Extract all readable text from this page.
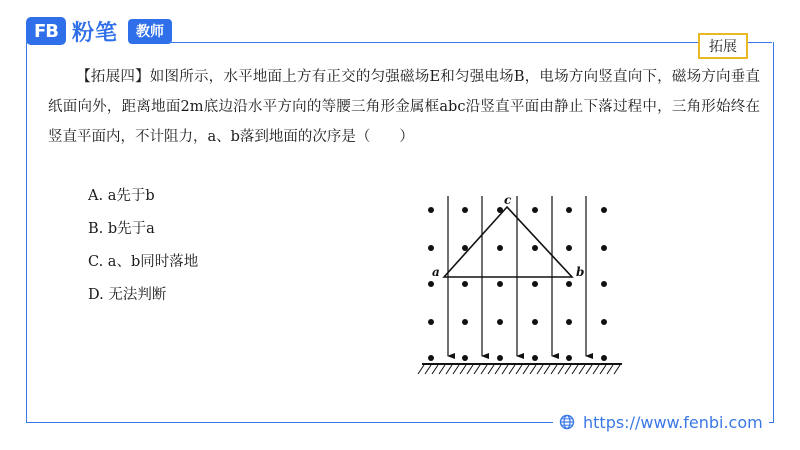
FB 粉笔	教师
拓展
【拓展四】如图所示，水平地面上方有正交的匀强磁场E和匀强电场B，电场方向竖直向下，磁场方向垂直纸面向外，距离地面2m底边沿水平方向的等腰三角形金属框abc沿竖直平面由静止下落过程中，三角形始终在竖直平面内，不计阻力，a、b落到地面的次序是（　　）
A. a先于b
B. b先于a
C. a、b同时落地
D. 无法判断
a	b
c
https://www.fenbi.com
